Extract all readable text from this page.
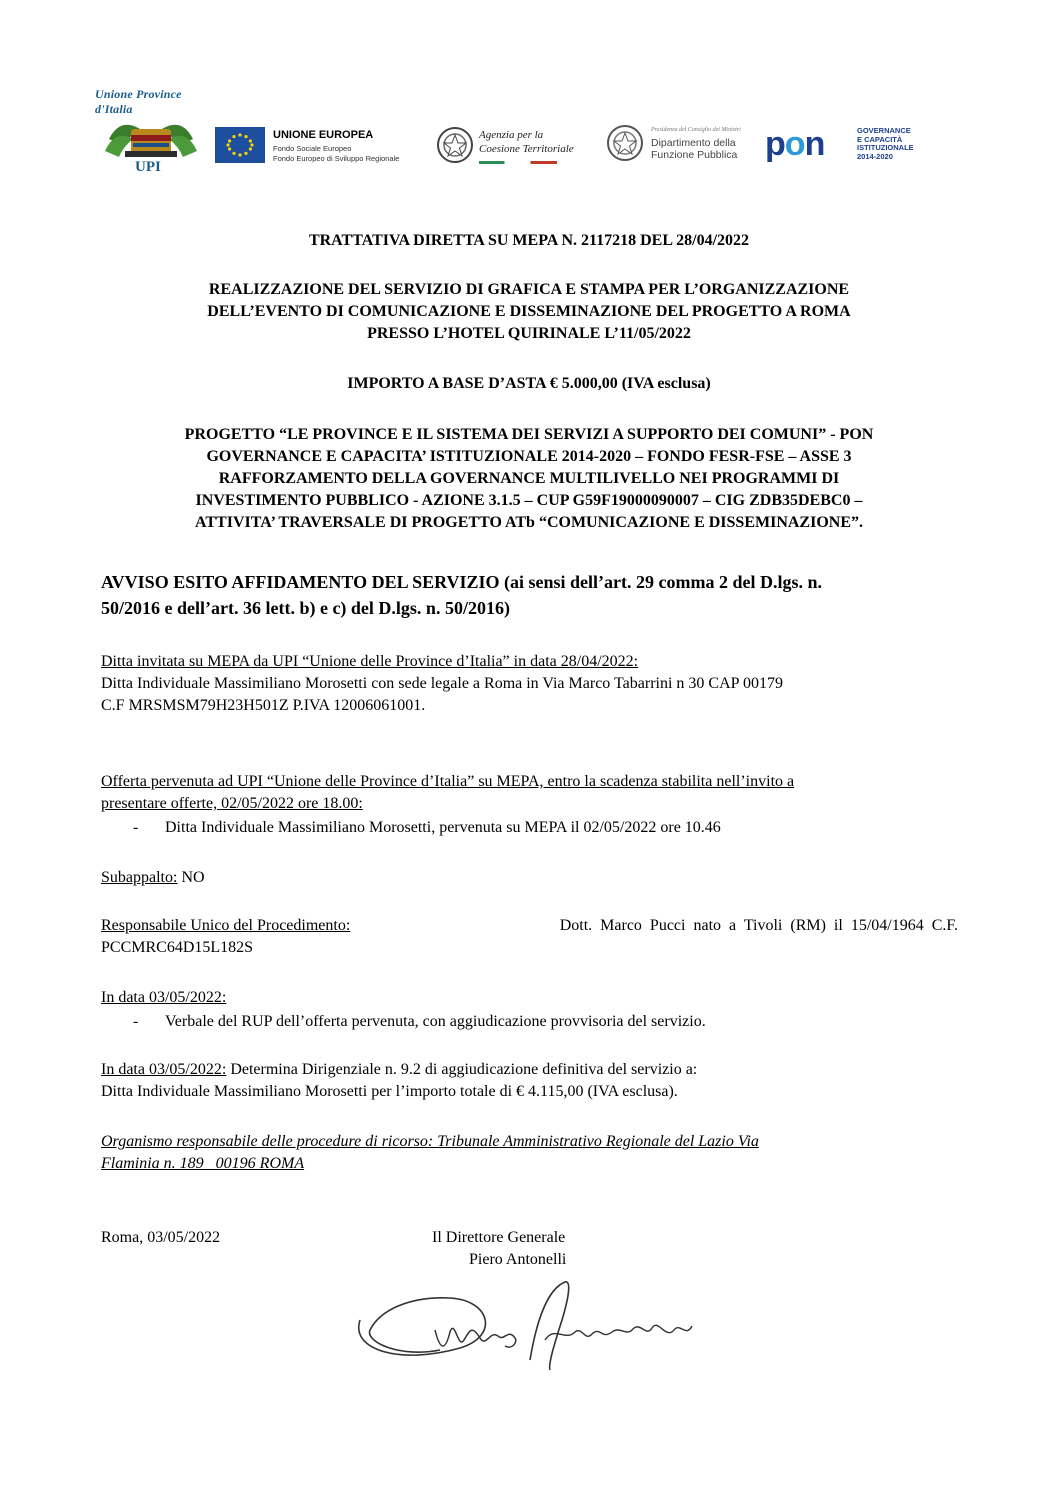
Unione Province d'Italia
UPI
UNIONE EUROPEA
Fondo Sociale Europeo
Fondo Europeo di Sviluppo Regionale
Agenzia per la
Coesione Territoriale
Presidenza del Consiglio dei Ministri
Dipartimento della
Funzione Pubblica pon	GOVERNANCE
E CAPACITÀ
ISTITUZIONALE
2014-2020
TRATTATIVA DIRETTA SU MEPA N. 2117218 DEL 28/04/2022
REALIZZAZIONE DEL SERVIZIO DI GRAFICA E STAMPA PER L’ORGANIZZAZIONE
DELL’EVENTO DI COMUNICAZIONE E DISSEMINAZIONE DEL PROGETTO A ROMA
PRESSO L’HOTEL QUIRINALE L’11/05/2022
IMPORTO A BASE D’ASTA € 5.000,00 (IVA esclusa)
PROGETTO “LE PROVINCE E IL SISTEMA DEI SERVIZI A SUPPORTO DEI COMUNI” - PON
GOVERNANCE E CAPACITA’ ISTITUZIONALE 2014-2020 – FONDO FESR-FSE – ASSE 3
RAFFORZAMENTO DELLA GOVERNANCE MULTILIVELLO NEI PROGRAMMI DI
INVESTIMENTO PUBBLICO - AZIONE 3.1.5 – CUP G59F19000090007 – CIG ZDB35DEBC0 –
ATTIVITA’ TRAVERSALE DI PROGETTO ATb “COMUNICAZIONE E DISSEMINAZIONE”.
AVVISO ESITO AFFIDAMENTO DEL SERVIZIO (ai sensi dell’art. 29 comma 2 del D.lgs. n.
50/2016 e dell’art. 36 lett. b) e c) del D.lgs. n. 50/2016)
Ditta invitata su MEPA da UPI “Unione delle Province d’Italia” in data 28/04/2022:
Ditta Individuale Massimiliano Morosetti con sede legale a Roma in Via Marco Tabarrini n 30 CAP 00179
C.F MRSMSM79H23H501Z P.IVA 12006061001.
Offerta pervenuta ad UPI “Unione delle Province d’Italia” su MEPA, entro la scadenza stabilita nell’invito a
presentare offerte, 02/05/2022 ore 18.00:
- Ditta Individuale Massimiliano Morosetti, pervenuta su MEPA il 02/05/2022 ore 10.46
Subappalto: NO
Responsabile Unico del Procedimento:	Dott. Marco Pucci nato a Tivoli (RM) il 15/04/1964 C.F.
PCCMRC64D15L182S
In data 03/05/2022:
- Verbale del RUP dell’offerta pervenuta, con aggiudicazione provvisoria del servizio.
In data 03/05/2022: Determina Dirigenziale n. 9.2 di aggiudicazione definitiva del servizio a:
Ditta Individuale Massimiliano Morosetti per l’importo totale di € 4.115,00 (IVA esclusa).
Organismo responsabile delle procedure di ricorso: Tribunale Amministrativo Regionale del Lazio Via
Flaminia n. 189   00196 ROMA
Roma, 03/05/2022	Il Direttore Generale
Piero Antonelli
